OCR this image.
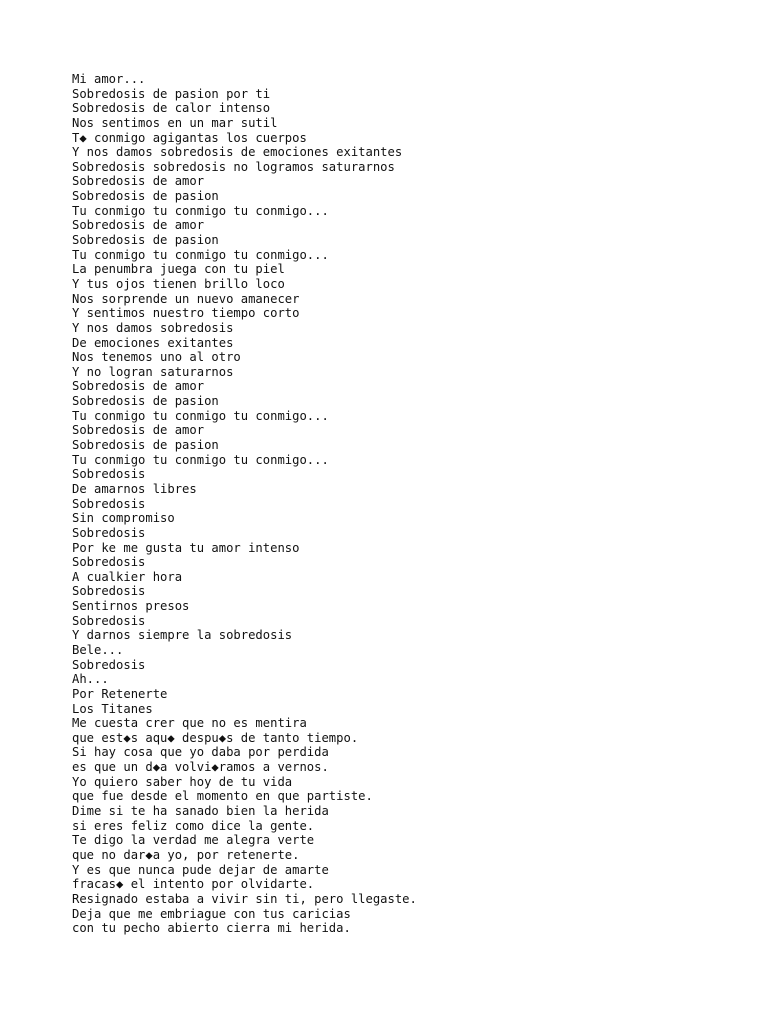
Mi amor...
Sobredosis de pasion por ti
Sobredosis de calor intenso
Nos sentimos en un mar sutil
T◆ conmigo agigantas los cuerpos
Y nos damos sobredosis de emociones exitantes
Sobredosis sobredosis no logramos saturarnos
Sobredosis de amor
Sobredosis de pasion
Tu conmigo tu conmigo tu conmigo...
Sobredosis de amor
Sobredosis de pasion
Tu conmigo tu conmigo tu conmigo...
La penumbra juega con tu piel
Y tus ojos tienen brillo loco
Nos sorprende un nuevo amanecer
Y sentimos nuestro tiempo corto
Y nos damos sobredosis
De emociones exitantes
Nos tenemos uno al otro
Y no logran saturarnos
Sobredosis de amor
Sobredosis de pasion
Tu conmigo tu conmigo tu conmigo...
Sobredosis de amor
Sobredosis de pasion
Tu conmigo tu conmigo tu conmigo...
Sobredosis
De amarnos libres
Sobredosis
Sin compromiso
Sobredosis
Por ke me gusta tu amor intenso
Sobredosis
A cualkier hora
Sobredosis
Sentirnos presos
Sobredosis
Y darnos siempre la sobredosis
Bele...
Sobredosis
Ah...
Por Retenerte
Los Titanes
Me cuesta crer que no es mentira
que est◆s aqu◆ despu◆s de tanto tiempo.
Si hay cosa que yo daba por perdida
es que un d◆a volvi◆ramos a vernos.
Yo quiero saber hoy de tu vida
que fue desde el momento en que partiste.
Dime si te ha sanado bien la herida
si eres feliz como dice la gente.
Te digo la verdad me alegra verte
que no dar◆a yo, por retenerte.
Y es que nunca pude dejar de amarte
fracas◆ el intento por olvidarte.
Resignado estaba a vivir sin ti, pero llegaste.
Deja que me embriague con tus caricias
con tu pecho abierto cierra mi herida.
